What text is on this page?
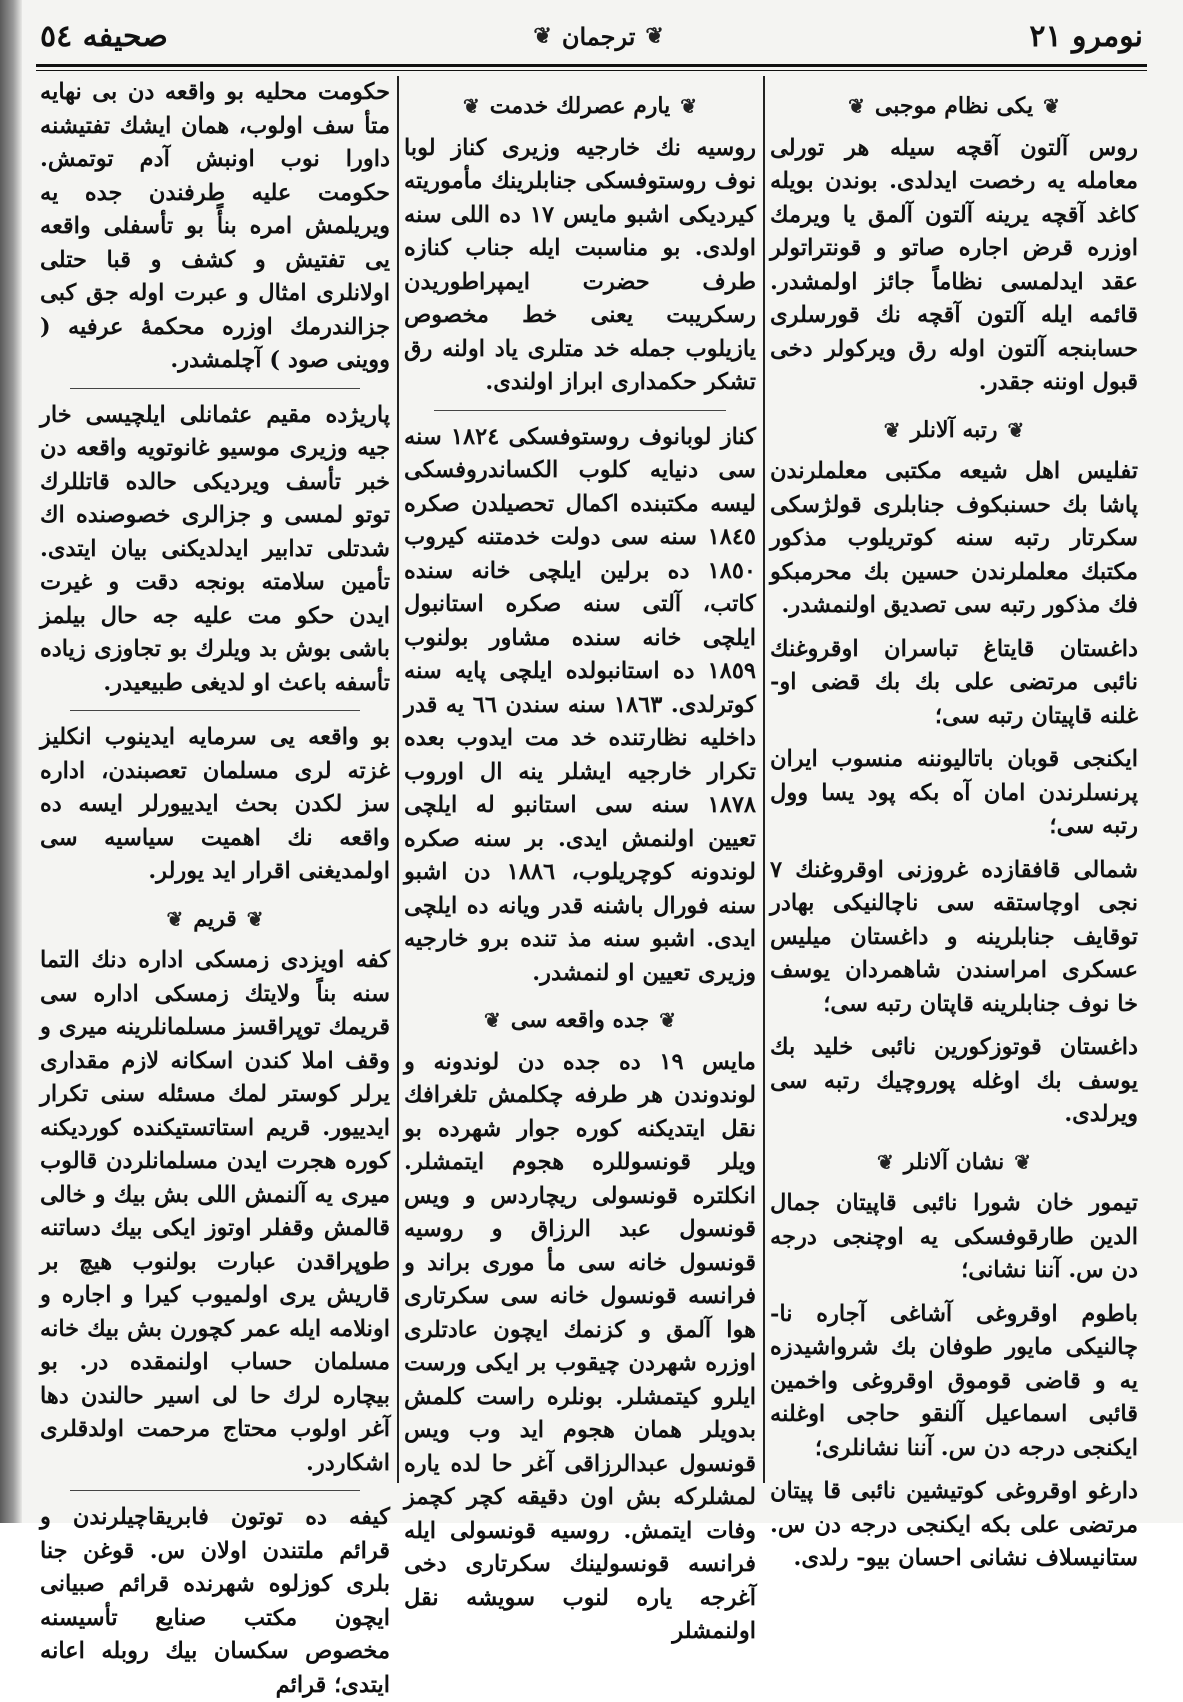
نومرو ۲۱
❦
ترجمان
❦
صحیفه ٥٤
❦
یکی نظام موجبی
❦

روس آلتون آقچه سیله هر تورلی معامله یه رخصت ایدلدی. بوندن بویله کاغد آقچه یرینه آلتون آلمق یا ویرمك اوزره قرض اجاره صاتو و قونتراتولر عقد ایدلمسی نظاماً جائز اولمشدر. قائمه ایله آلتون آقچه نك قورسلری حسابنجه آلتون اوله رق ویرکولر دخی قبول اوننه جقدر.

❦
رتبه آلانلر
❦

تفلیس اهل شیعه مکتبی معلملرندن پاشا بك حسنبکوف جنابلری قولژسکی سکرتار رتبه سنه کوتریلوب مذکور مکتبك معلملرندن حسین بك محرمبکو فك مذکور رتبه سی تصدیق اولنمشدر.

داغستان قایتاغ تباسران اوقروغنك نائبی مرتضی علی بك بك قضی او- غلنه قاپیتان رتبه سی؛

ایکنجی قوبان باتالیوننه منسوب ایران پرنسلرندن امان آه بکه پود یسا وول رتبه سی؛

شمالی قافقازده غروزنی اوقروغنك ۷ نجی اوچاستقه سی ناچالنیکی بهادر توقایف جنابلرینه و داغستان میلیس عسکری امراسندن شاهمردان یوسف خا نوف جنابلرینه قاپتان رتبه سی؛

داغستان قوتوزکورین نائبی خلید بك یوسف بك اوغله پوروچیك رتبه سی ویرلدی.

❦
نشان آلانلر
❦

تیمور خان شورا نائبی قاپیتان جمال الدین طارقوفسکی یه اوچنجی درجه دن س. آننا نشانی؛

باطوم اوقروغی آشاغی آجاره نا- چالنیکی مایور طوفان بك شرواشیدزه یه و قاضی قوموق اوقروغی واخمین قائبی اسماعیل آلنقو حاجی اوغلنه ایکنجی درجه دن س. آننا نشانلری؛

دارغو اوقروغی کوتیشین نائبی قا پیتان مرتضی علی بکه ایکنجی درجه دن س. ستانیسلاف نشانی احسان بیو- رلدی.

❦
یارم عصرلك خدمت
❦

روسیه نك خارجیه وزیری کناز لوبا نوف روستوفسکی جنابلرینك مأموریته کیردیکی اشبو مایس ۱۷ ده اللی سنه اولدی. بو مناسبت ایله جناب کنازه طرف حضرت ایمپراطوریدن رسکریبت یعنی خط مخصوص یازیلوب جمله خد متلری یاد اولنه رق تشکر حکمداری ابراز اولندی.

کناز لوبانوف روستوفسکی ۱۸۲٤ سنه سی دنیایه کلوب الکساندروفسکی لیسه مکتبنده اکمال تحصیلدن صکره ۱۸٤٥ سنه سی دولت خدمتنه کیروب ۱۸٥۰ ده برلین ایلچی خانه سنده کاتب، آلتی سنه صکره استانبول ایلچی خانه سنده مشاور بولنوب ۱۸٥۹ ده استانبولده ایلچی پایه سنه کوترلدی. ۱۸٦۳ سنه سندن ٦٦ یه قدر داخلیه نظارتنده خد مت ایدوب بعده تکرار خارجیه ایشلر ینه ال اوروب ۱۸۷۸ سنه سی استانبو له ایلچی تعیین اولنمش ایدی. بر سنه صکره لوندونه کوچریلوب، ۱۸۸٦ دن اشبو سنه فورال باشنه قدر ویانه ده ایلچی ایدی. اشبو سنه مذ تنده برو خارجیه وزیری تعیین او لنمشدر.

❦
جده واقعه سی
❦

مایس ۱۹ ده جده دن لوندونه و لوندوندن هر طرفه چکلمش تلغرافك نقل ایتدیکنه کوره جوار شهرده بو ویلر قونسوللره هجوم ایتمشلر. انکلتره قونسولی ریچاردس و ویس قونسول عبد الرزاق و روسیه قونسول خانه سی مأ موری براند و فرانسه قونسول خانه سی سکرتاری هوا آلمق و کزنمك ایچون عادتلری اوزره شهردن چیقوب بر ایکی ورست ایلرو کیتمشلر. بونلره راست کلمش بدویلر همان هجوم اید وب ویس قونسول عبدالرزاقی آغر حا لده یاره لمشلرکه بش اون دقیقه کچر کچمز وفات ایتمش. روسیه قونسولی ایله فرانسه قونسولینك سکرتاری دخی آغرجه یاره لنوب سویشه نقل اولنمشلر

حکومت محلیه بو واقعه دن بی نهایه متأ سف اولوب، همان ایشك تفتیشنه داورا نوب اونبش آدم توتمش. حکومت علیه طرفندن جده یه ویریلمش امره بنأً بو تأسفلی واقعه یی تفتیش و کشف و قبا حتلی اولانلری امثال و عبرت اوله جق کبی جزالندرمك اوزره محکمهٔ عرفیه ( ووینی صود ) آچلمشدر.

پاریژده مقیم عثمانلی ایلچیسی خار جیه وزیری موسیو غانوتویه واقعه دن خبر تأسف ویردیکی حالده قاتللرك توتو لمسی و جزالری خصوصنده اك شدتلی تدابیر ایدلدیکنی بیان ایتدی. تأمین سلامته بونجه دقت و غیرت ایدن حکو مت علیه جه حال بیلمز باشی بوش بد ویلرك بو تجاوزی زیاده تأسفه باعث او لدیغی طبیعیدر.

بو واقعه یی سرمایه ایدینوب انکلیز غزته لری مسلمان تعصبندن، اداره سز لکدن بحث ایدییورلر ایسه ده واقعه نك اهمیت سیاسیه سی اولمدیغنی اقرار اید یورلر.

❦
قریم
❦

کفه اویزدی زمسکی اداره دنك التما سنه بناً ولایتك زمسکی اداره سی قریمك توپراقسز مسلمانلرینه میری و وقف املا کندن اسکانه لازم مقداری یرلر کوستر لمك مسئله سنی تکرار ایدییور. قریم استاتستیکنده کوردیکنه کوره هجرت ایدن مسلمانلردن قالوب میری یه آلنمش اللی بش بیك و خالی قالمش وقفلر اوتوز ایکی بیك دساتنه طوپراقدن عبارت بولنوب هیچ بر قاریش یری اولمیوب کیرا و اجاره و اونلامه ایله عمر کچورن بش بیك خانه مسلمان حساب اولنمقده در. بو بیچاره لرك حا لی اسیر حالندن دها آغر اولوب محتاج مرحمت اولدقلری اشکاردر.

کیفه ده توتون فابریقاچیلرندن و قرائم ملتندن اولان س. قوغن جنا بلری کوزلوه شهرنده قرائم صبیانی ایچون مکتب صنایع تأسیسنه مخصوص سکسان بیك روبله اعانه ایتدی؛ قرائم
